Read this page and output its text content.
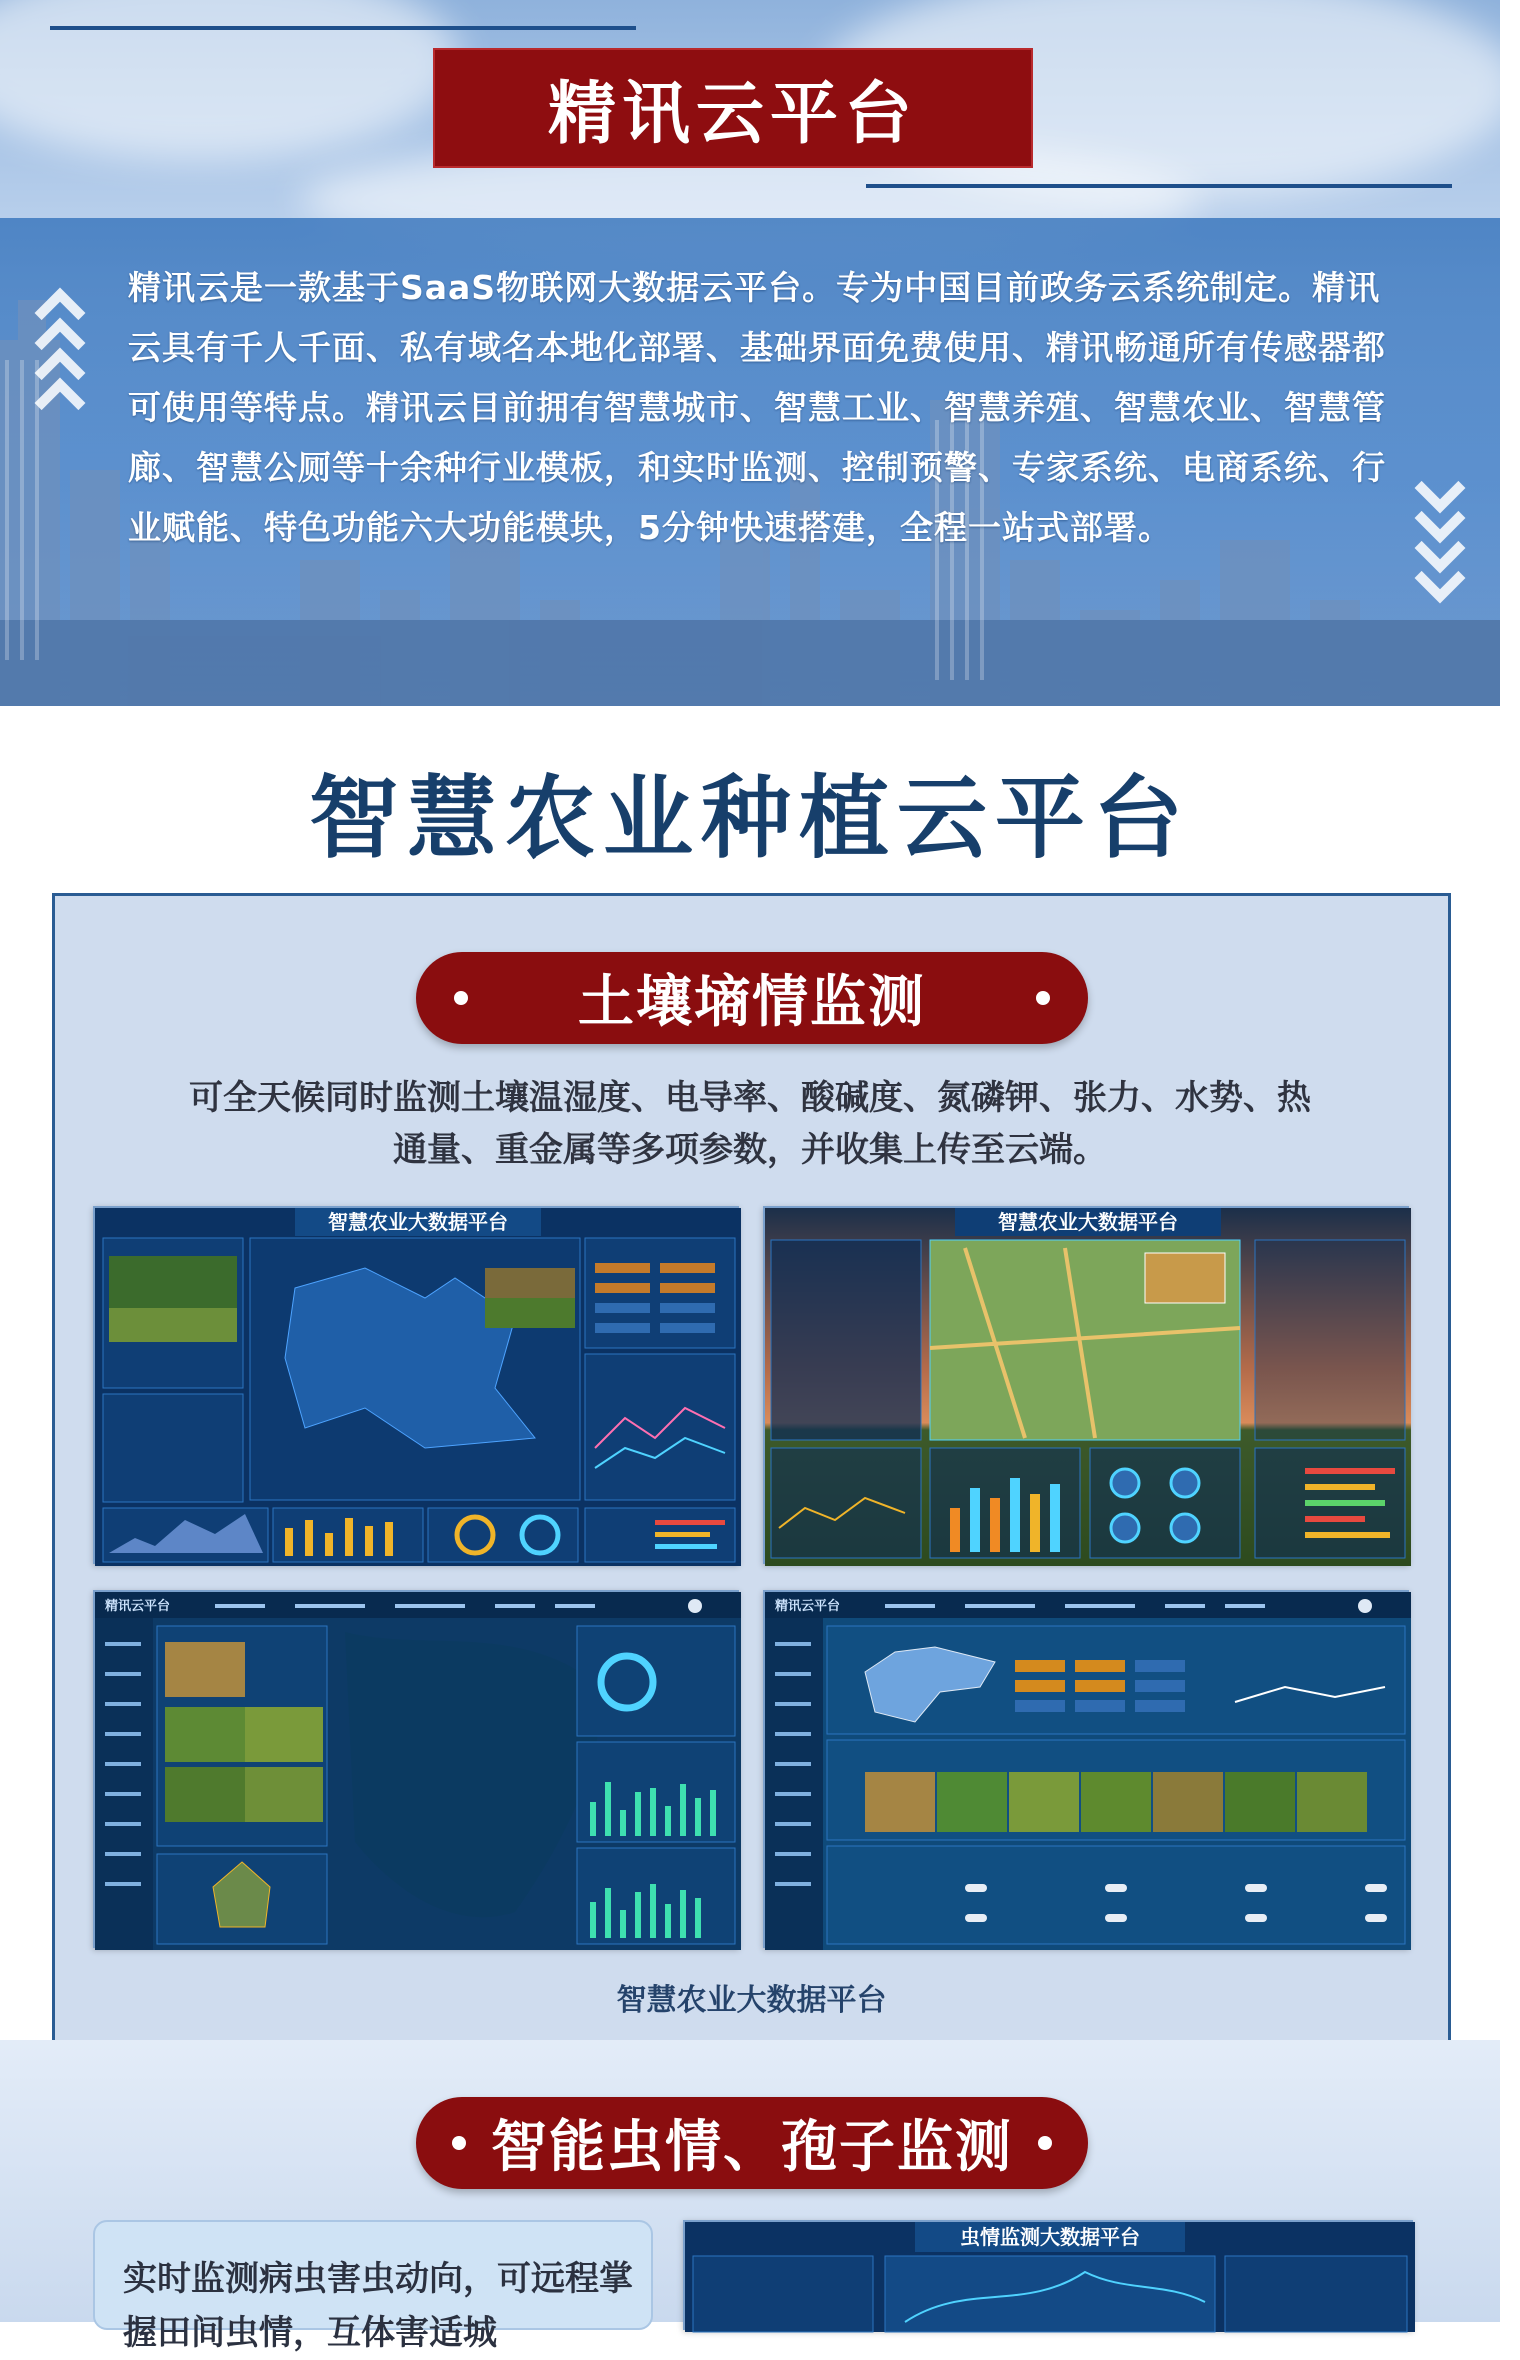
精讯云平台
精讯云是一款基于SaaS物联网大数据云平台。专为中国目前政务云系统制定。精讯云具有千人千面、私有域名本地化部署、基础界面免费使用、精讯畅通所有传感器都可使用等特点。精讯云目前拥有智慧城市、智慧工业、智慧养殖、智慧农业、智慧管廊、智慧公厕等十余种行业模板，和实时监测、控制预警、专家系统、电商系统、行业赋能、特色功能六大功能模块，5分钟快速搭建，全程一站式部署。
智慧农业种植云平台
土壤墒情监测
可全天候同时监测土壤温湿度、电导率、酸碱度、氮磷钾、张力、水势、热
通量、重金属等多项参数，并收集上传至云端。
智慧农业大数据平台	智慧农业大数据平台
精讯云平台	精讯云平台
智慧农业大数据平台
智能虫情、孢子监测
实时监测病虫害虫动向，可远程掌握田间虫情，互体害适城
虫情监测大数据平台
